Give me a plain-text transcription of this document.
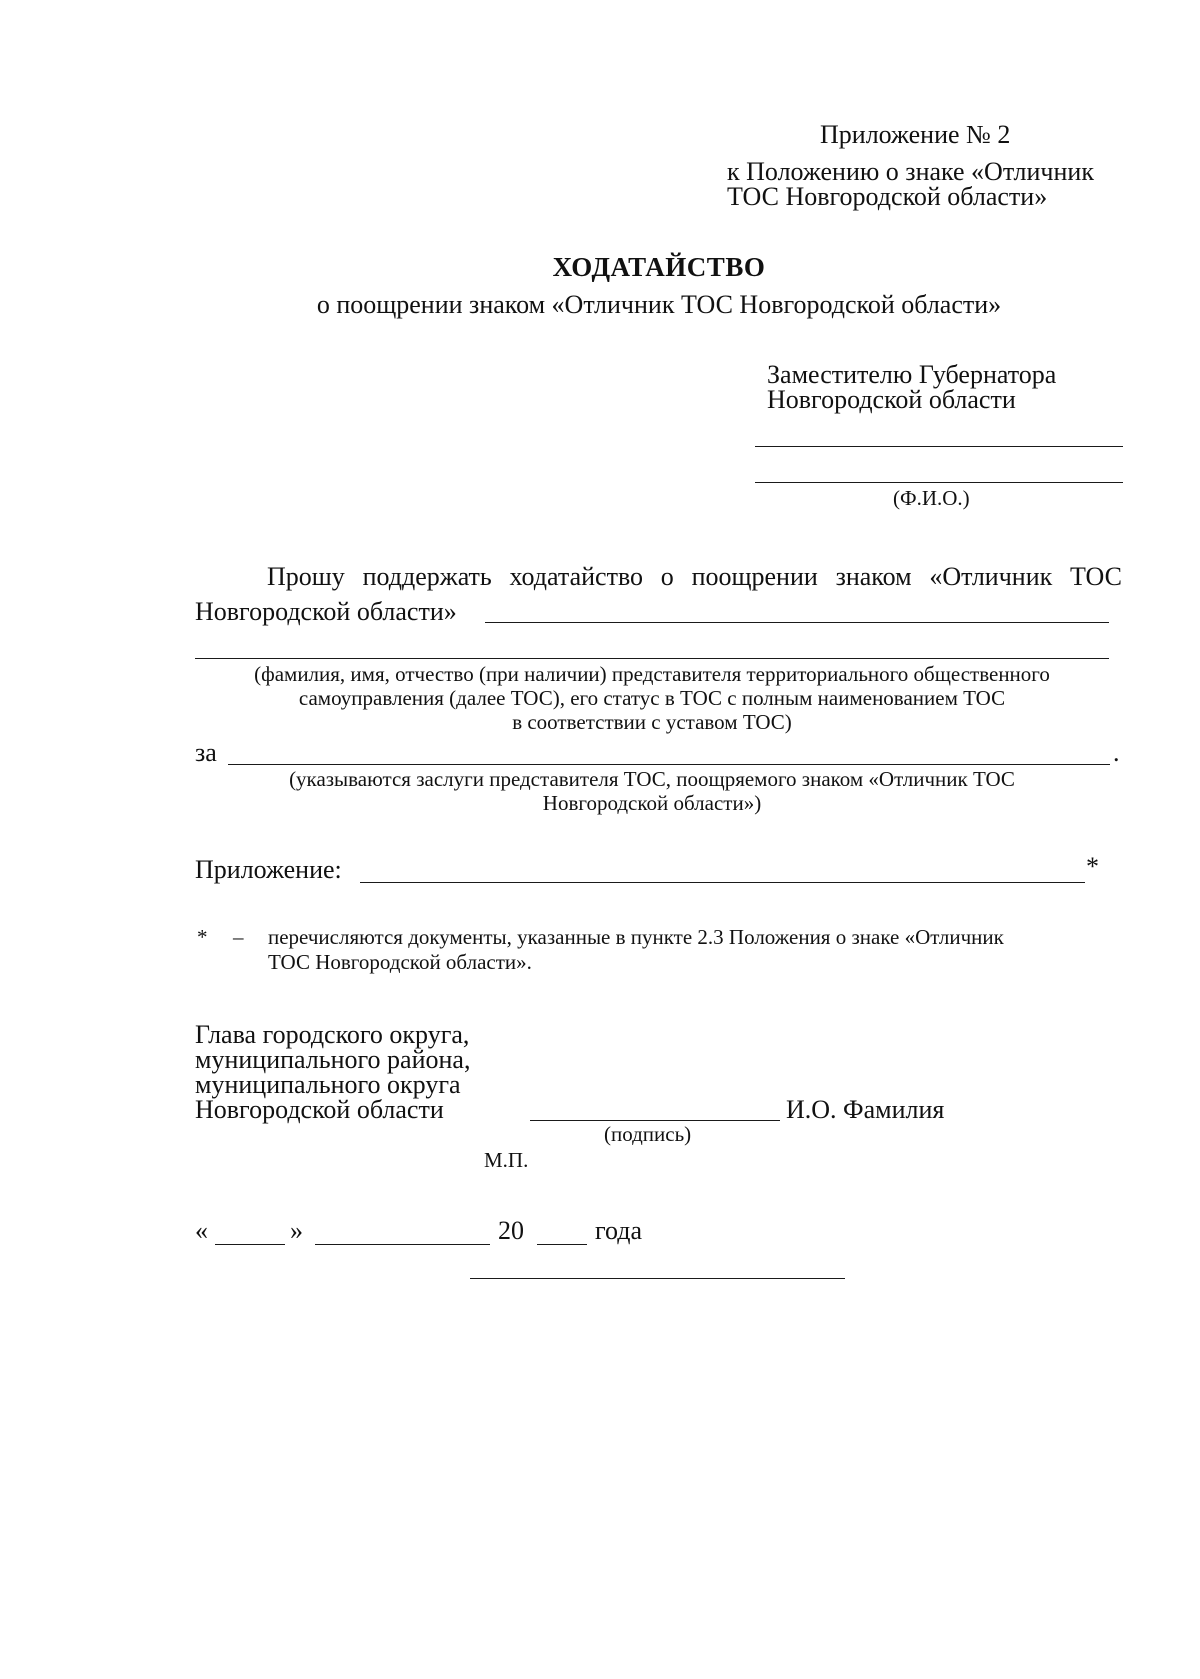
Приложение № 2
к Положению о знаке «Отличник
ТОС Новгородской области»
ХОДАТАЙСТВО
о поощрении знаком «Отличник ТОС Новгородской области»
Заместителю Губернатора
Новгородской области
(Ф.И.О.)
Прошу поддержать ходатайство о поощрении знаком «Отличник ТОС
Новгородской области»
(фамилия, имя, отчество (при наличии) представителя территориального общественного
самоуправления (далее ТОС), его статус в ТОС с полным наименованием ТОС
в соответствии с уставом ТОС)
за	.
(указываются заслуги представителя ТОС, поощряемого знаком «Отличник ТОС
Новгородской области»)
Приложение:	*
* – перечисляются документы, указанные в пункте 2.3 Положения о знаке «Отличник
ТОС Новгородской области».
Глава городского округа,
муниципального района,
муниципального округа
Новгородской области	И.О. Фамилия
(подпись)
М.П.
«	»	20	года
